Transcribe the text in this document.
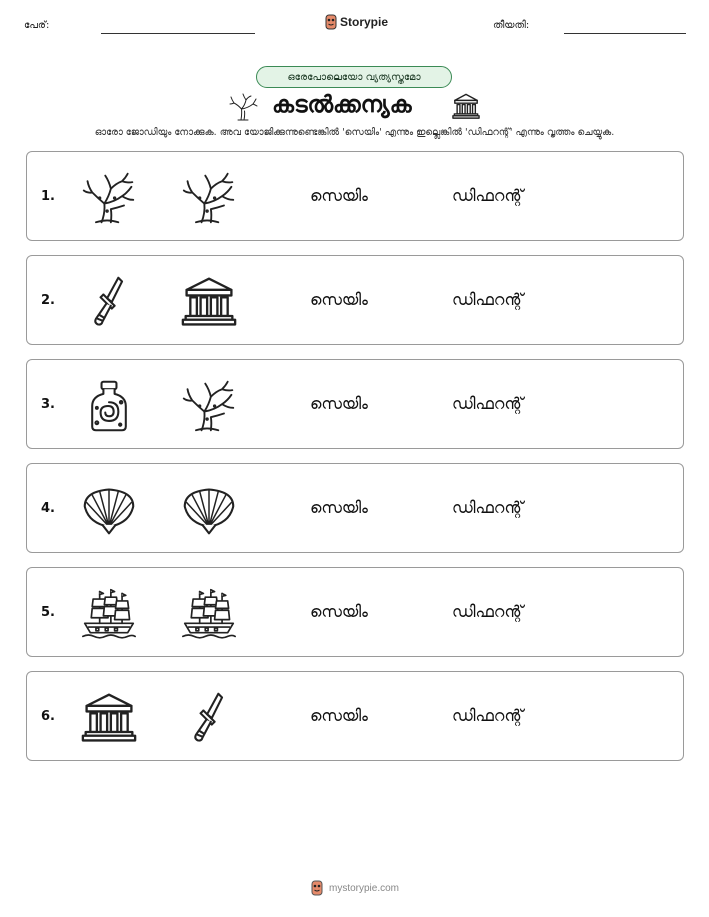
പേര്:	Storypie	തീയതി:
ഒരേപോലെയോ വ്യത്യസ്തമോ
കടൽക്കന്യക
ഓരോ ജോഡിയും നോക്കുക. അവ യോജിക്കുന്നുണ്ടെങ്കിൽ 'സെയിം' എന്നും ഇല്ലെങ്കിൽ 'ഡിഫറന്റ്' എന്നും വൃത്തം ചെയ്യുക.
1.	സെയിം	ഡിഫറന്റ്
2.	സെയിം	ഡിഫറന്റ്
3.	സെയിം	ഡിഫറന്റ്
4.	സെയിം	ഡിഫറന്റ്
5.	സെയിം	ഡിഫറന്റ്
6.	സെയിം	ഡിഫറന്റ്
mystorypie.com
